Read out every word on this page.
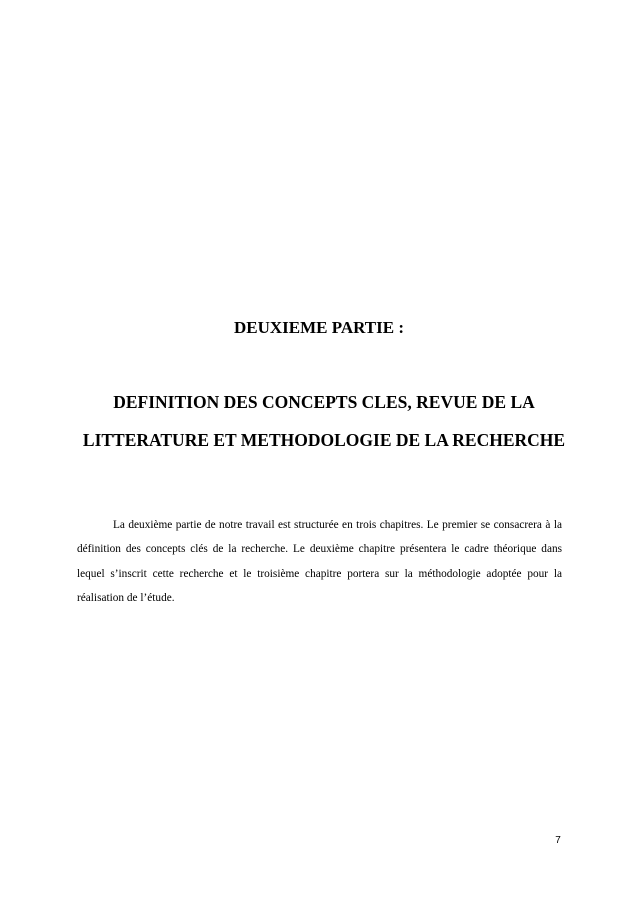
DEUXIEME PARTIE :
DEFINITION DES CONCEPTS CLES, REVUE DE LA
LITTERATURE ET METHODOLOGIE DE LA RECHERCHE

La deuxième partie de notre travail est structurée en trois chapitres. Le premier se consacrera à la définition des concepts clés de la recherche. Le deuxième chapitre présentera le cadre théorique dans lequel s’inscrit cette recherche et le troisième chapitre portera sur la méthodologie adoptée pour la réalisation de l’étude.

7
